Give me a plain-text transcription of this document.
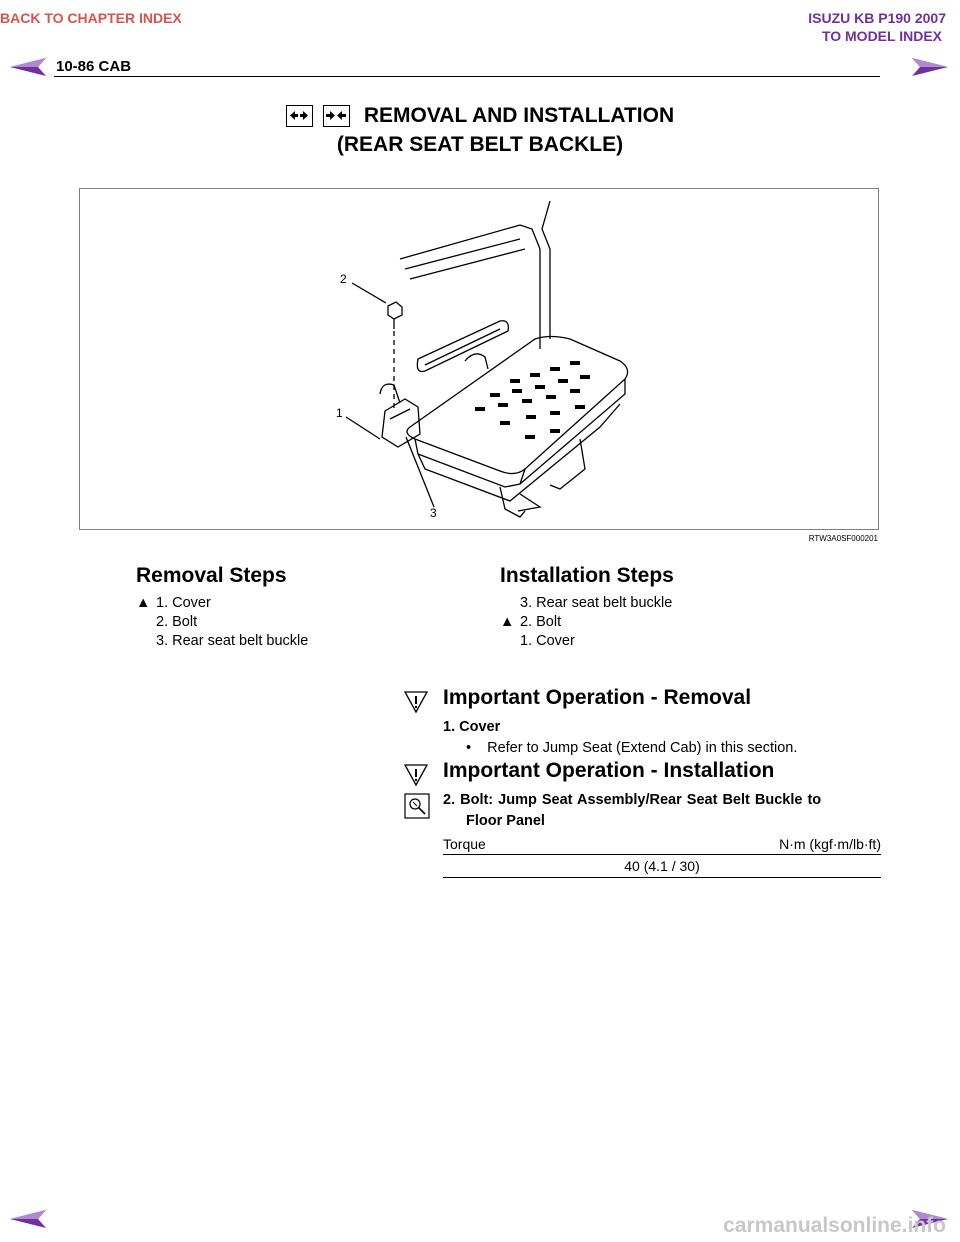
BACK TO CHAPTER INDEX	ISUZU KB P190 2007
TO MODEL INDEX
10-86 CAB
REMOVAL AND INSTALLATION
(REAR SEAT BELT BACKLE)
2
1
3
RTW3A0SF000201
Removal Steps
▲ 1. Cover
2. Bolt
3. Rear seat belt buckle
Installation Steps
3. Rear seat belt buckle
▲ 2. Bolt
1. Cover
Important Operation - Removal
1. Cover
• Refer to Jump Seat (Extend Cab) in this section.
Important Operation - Installation
2. Bolt: Jump Seat Assembly/Rear Seat Belt Buckle to
Floor Panel
Torque	N·m (kgf·m/lb·ft)
40 (4.1 / 30)
carmanualsonline.info
